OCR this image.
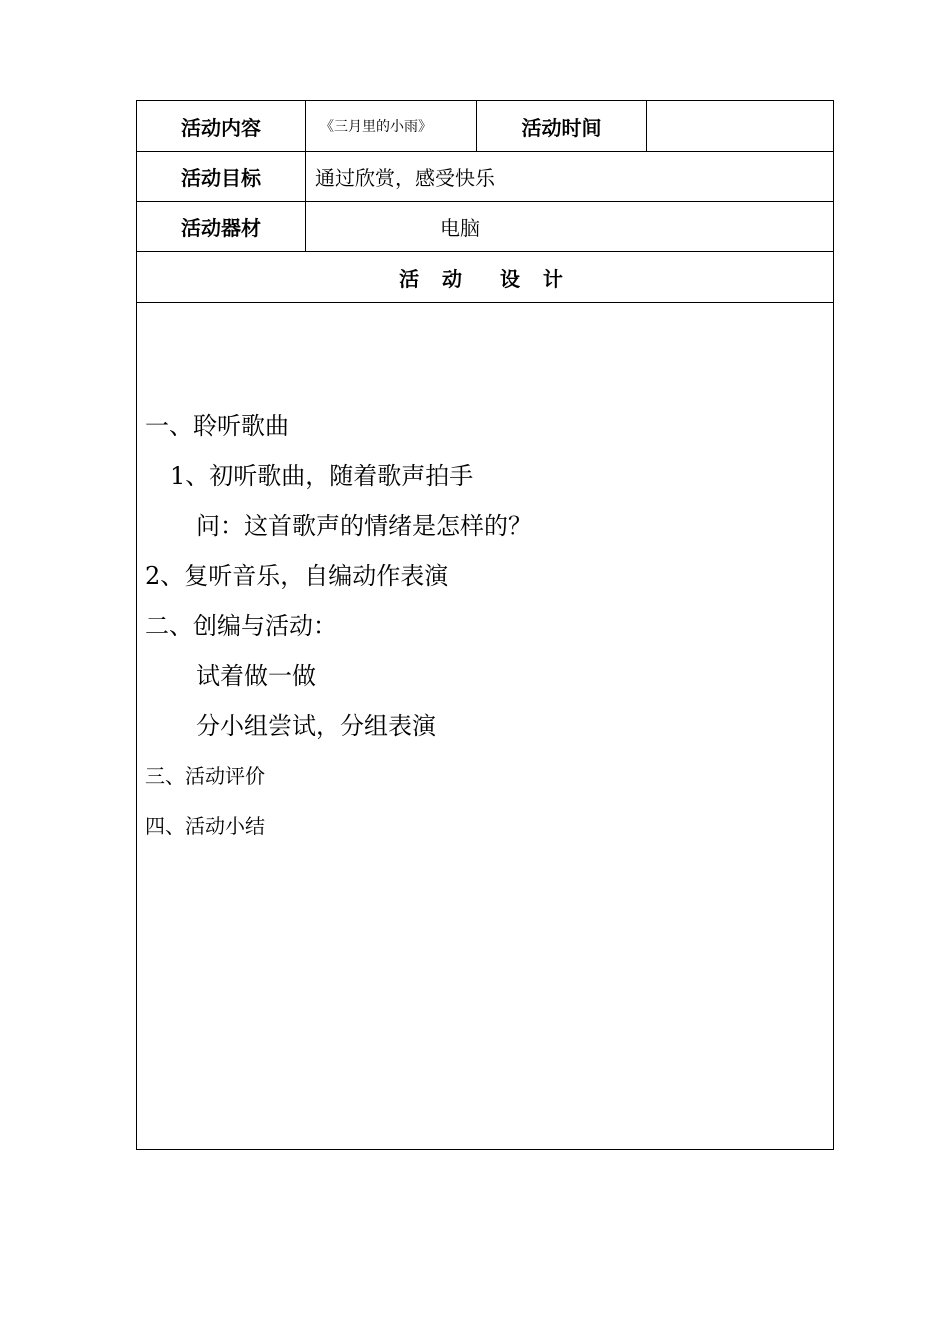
活动内容	《三月里的小雨》	活动时间
活动目标	通过欣赏，感受快乐
活动器材	电脑
活 动  设 计
一、聆听歌曲
1、初听歌曲，随着歌声拍手
问：这首歌声的情绪是怎样的？
2、复听音乐，自编动作表演
二、创编与活动：
试着做一做
分小组尝试，分组表演
三、活动评价
四、活动小结
